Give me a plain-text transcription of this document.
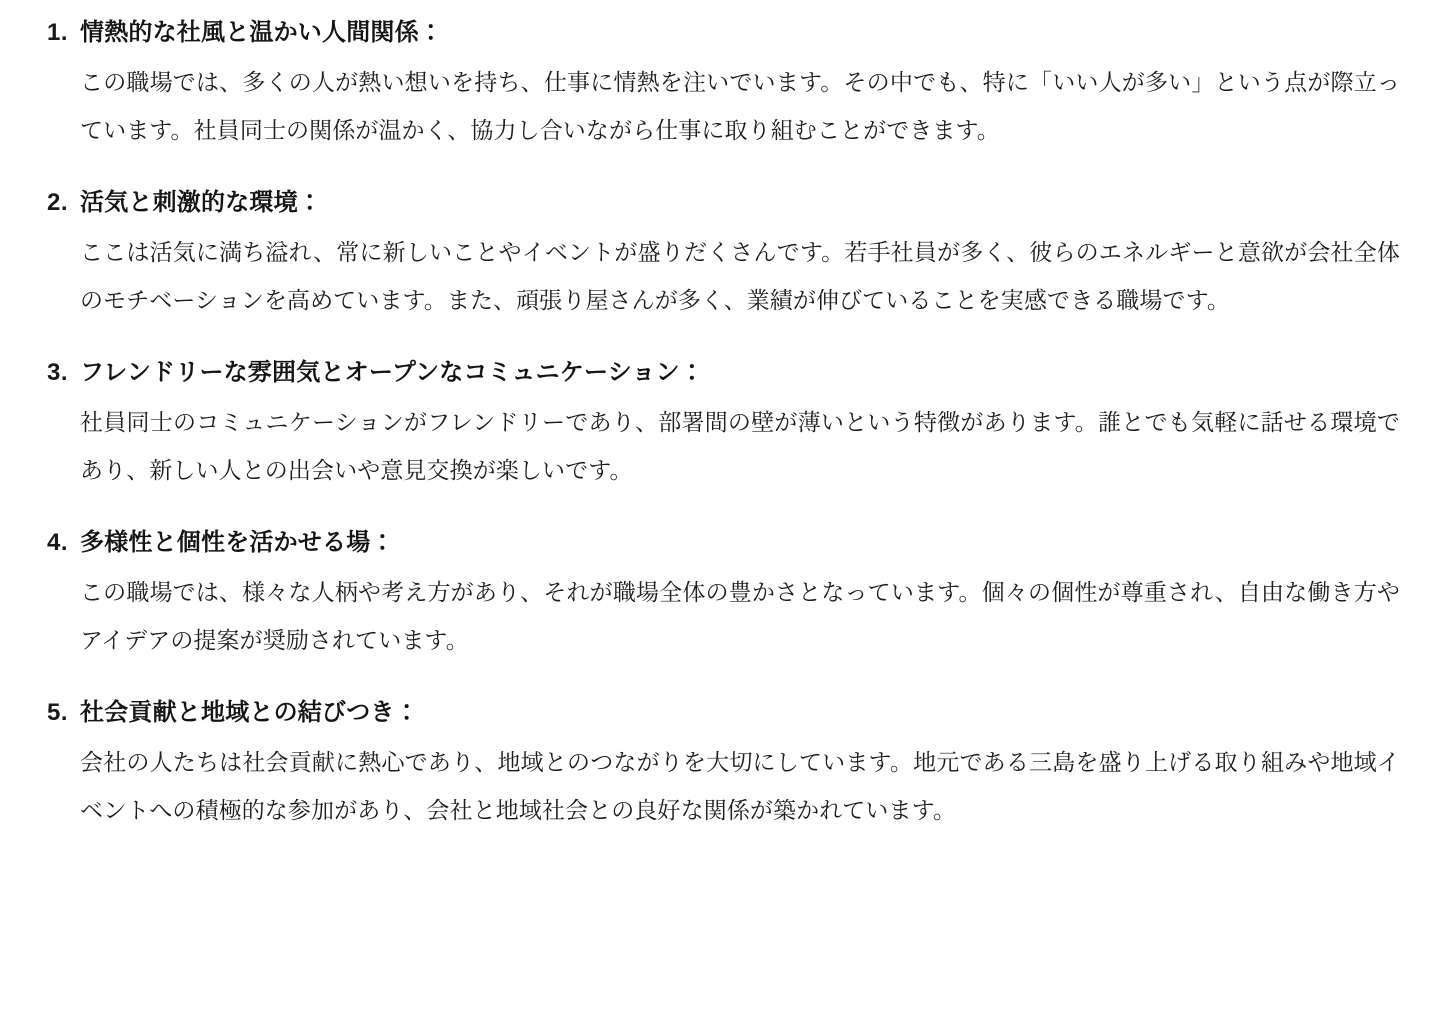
1. 情熱的な社風と温かい人間関係：

この職場では、多くの人が熱い想いを持ち、仕事に情熱を注いでいます。その中でも、特に「いい人が多い」という点が際立っています。社員同士の関係が温かく、協力し合いながら仕事に取り組むことができます。

2. 活気と刺激的な環境：

ここは活気に満ち溢れ、常に新しいことやイベントが盛りだくさんです。若手社員が多く、彼らのエネルギーと意欲が会社全体のモチベーションを高めています。また、頑張り屋さんが多く、業績が伸びていることを実感できる職場です。

3. フレンドリーな雰囲気とオープンなコミュニケーション：

社員同士のコミュニケーションがフレンドリーであり、部署間の壁が薄いという特徴があります。誰とでも気軽に話せる環境であり、新しい人との出会いや意見交換が楽しいです。

4. 多様性と個性を活かせる場：

この職場では、様々な人柄や考え方があり、それが職場全体の豊かさとなっています。個々の個性が尊重され、自由な働き方やアイデアの提案が奨励されています。

5. 社会貢献と地域との結びつき：

会社の人たちは社会貢献に熱心であり、地域とのつながりを大切にしています。地元である三島を盛り上げる取り組みや地域イベントへの積極的な参加があり、会社と地域社会との良好な関係が築かれています。
